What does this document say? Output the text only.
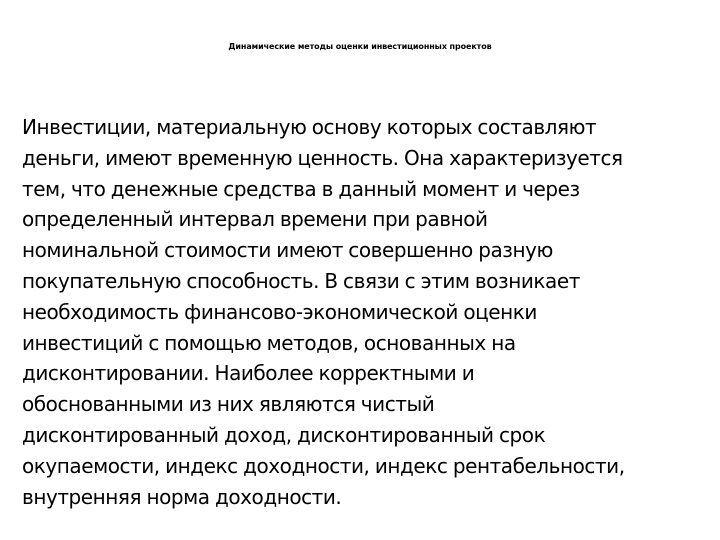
Динамические методы оценки инвестиционных проектов

Инвестиции, материальную основу которых составляют
деньги, имеют временную ценность. Она характеризуется
тем, что денежные средства в данный момент и через
определенный интервал времени при равной
номинальной стоимости имеют совершенно разную
покупательную способность. В связи с этим возникает
необходимость финансово-экономической оценки
инвестиций с помощью методов, основанных на
дисконтировании. Наиболее корректными и
обоснованными из них являются чистый
дисконтированный доход, дисконтированный срок
окупаемости, индекс доходности, индекс рентабельности,
внутренняя норма доходности.
